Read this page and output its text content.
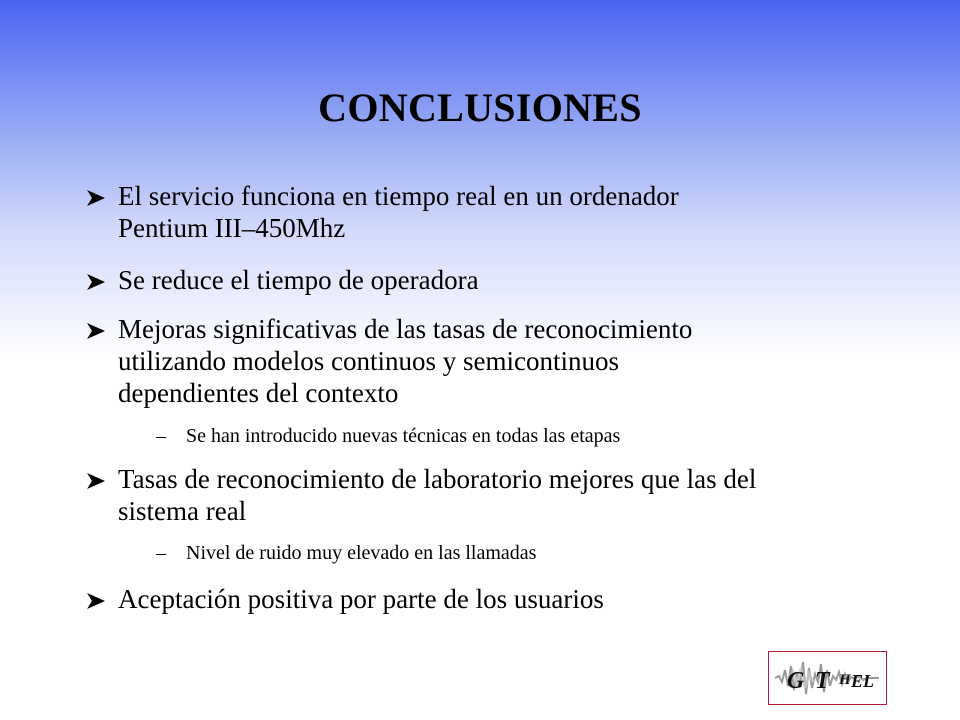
CONCLUSIONES
El servicio funciona en tiempo real en un ordenador
Pentium III–450Mhz
Se reduce el tiempo de operadora
Mejoras significativas de las tasas de reconocimiento
utilizando modelos continuos y semicontinuos
dependientes del contexto
– Se han introducido nuevas técnicas en todas las etapas
Tasas de reconocimiento de laboratorio mejores que las del
sistema real
– Nivel de ruido muy elevado en las llamadas
Aceptación positiva por parte de los usuarios
G T H E
L
